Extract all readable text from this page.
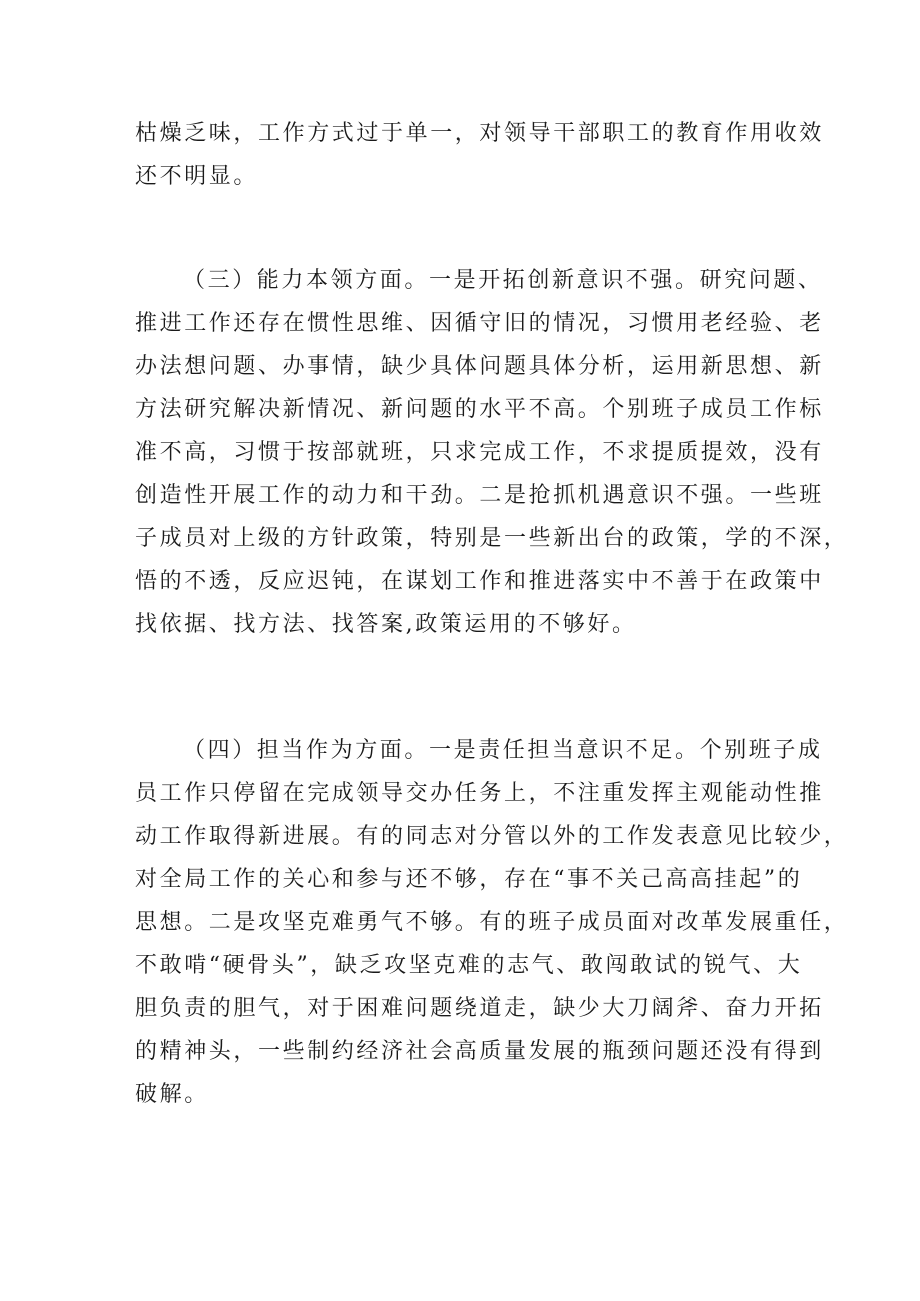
枯燥乏味，工作方式过于单一，对领导干部职工的教育作用收效
还不明显。
（三）能力本领方面。一是开拓创新意识不强。研究问题、
推进工作还存在惯性思维、因循守旧的情况，习惯用老经验、老
办法想问题、办事情，缺少具体问题具体分析，运用新思想、新
方法研究解决新情况、新问题的水平不高。个别班子成员工作标
准不高，习惯于按部就班，只求完成工作，不求提质提效，没有
创造性开展工作的动力和干劲。二是抢抓机遇意识不强。一些班
子成员对上级的方针政策，特别是一些新出台的政策，学的不深，
悟的不透，反应迟钝，在谋划工作和推进落实中不善于在政策中
找依据、找方法、找答案,政策运用的不够好。
（四）担当作为方面。一是责任担当意识不足。个别班子成
员工作只停留在完成领导交办任务上，不注重发挥主观能动性推
动工作取得新进展。有的同志对分管以外的工作发表意见比较少，
对全局工作的关心和参与还不够，存在“事不关己高高挂起”的
思想。二是攻坚克难勇气不够。有的班子成员面对改革发展重任，
不敢啃“硬骨头”，缺乏攻坚克难的志气、敢闯敢试的锐气、大
胆负责的胆气，对于困难问题绕道走，缺少大刀阔斧、奋力开拓
的精神头，一些制约经济社会高质量发展的瓶颈问题还没有得到
破解。
